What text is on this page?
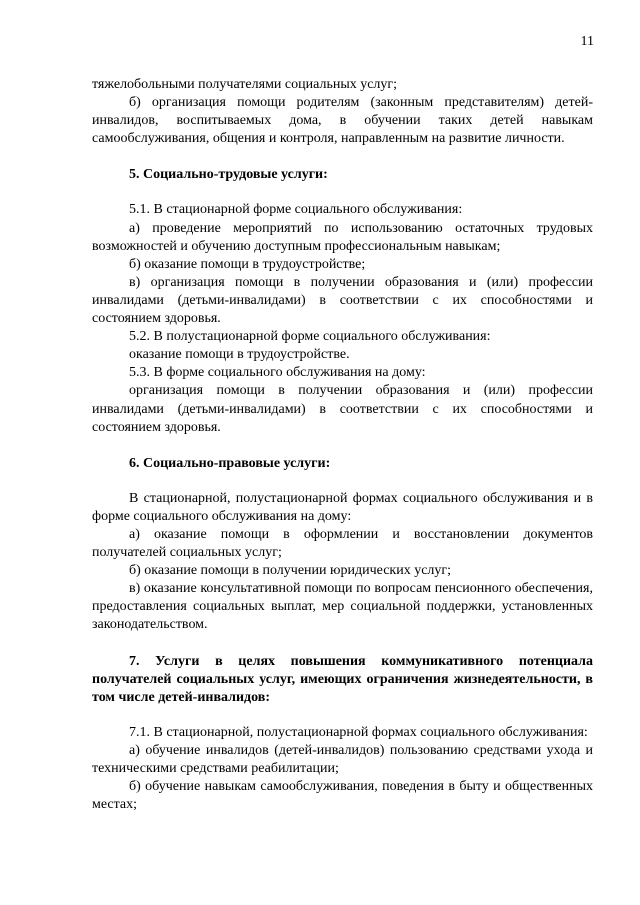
11

тяжелобольными получателями социальных услуг;

б) организация помощи родителям (законным представителям) детей-инвалидов, воспитываемых дома, в обучении таких детей навыкам самообслуживания, общения и контроля, направленным на развитие личности.

5. Социально-трудовые услуги:

5.1. В стационарной форме социального обслуживания:

а) проведение мероприятий по использованию остаточных трудовых возможностей и обучению доступным профессиональным навыкам;

б) оказание помощи в трудоустройстве;

в) организация помощи в получении образования и (или) профессии инвалидами (детьми-инвалидами) в соответствии с их способностями и состоянием здоровья.

5.2. В полустационарной форме социального обслуживания:

оказание помощи в трудоустройстве.

5.3. В форме социального обслуживания на дому:

организация помощи в получении образования и (или) профессии инвалидами (детьми-инвалидами) в соответствии с их способностями и состоянием здоровья.

6. Социально-правовые услуги:

В стационарной, полустационарной формах социального обслуживания и в форме социального обслуживания на дому:

а) оказание помощи в оформлении и восстановлении документов получателей социальных услуг;

б) оказание помощи в получении юридических услуг;

в) оказание консультативной помощи по вопросам пенсионного обеспечения, предоставления социальных выплат, мер социальной поддержки, установленных законодательством.

7. Услуги в целях повышения коммуникативного потенциала получателей социальных услуг, имеющих ограничения жизнедеятельности, в том числе детей-инвалидов:

7.1. В стационарной, полустационарной формах социального обслуживания:

а) обучение инвалидов (детей-инвалидов) пользованию средствами ухода и техническими средствами реабилитации;

б) обучение навыкам самообслуживания, поведения в быту и общественных местах;
